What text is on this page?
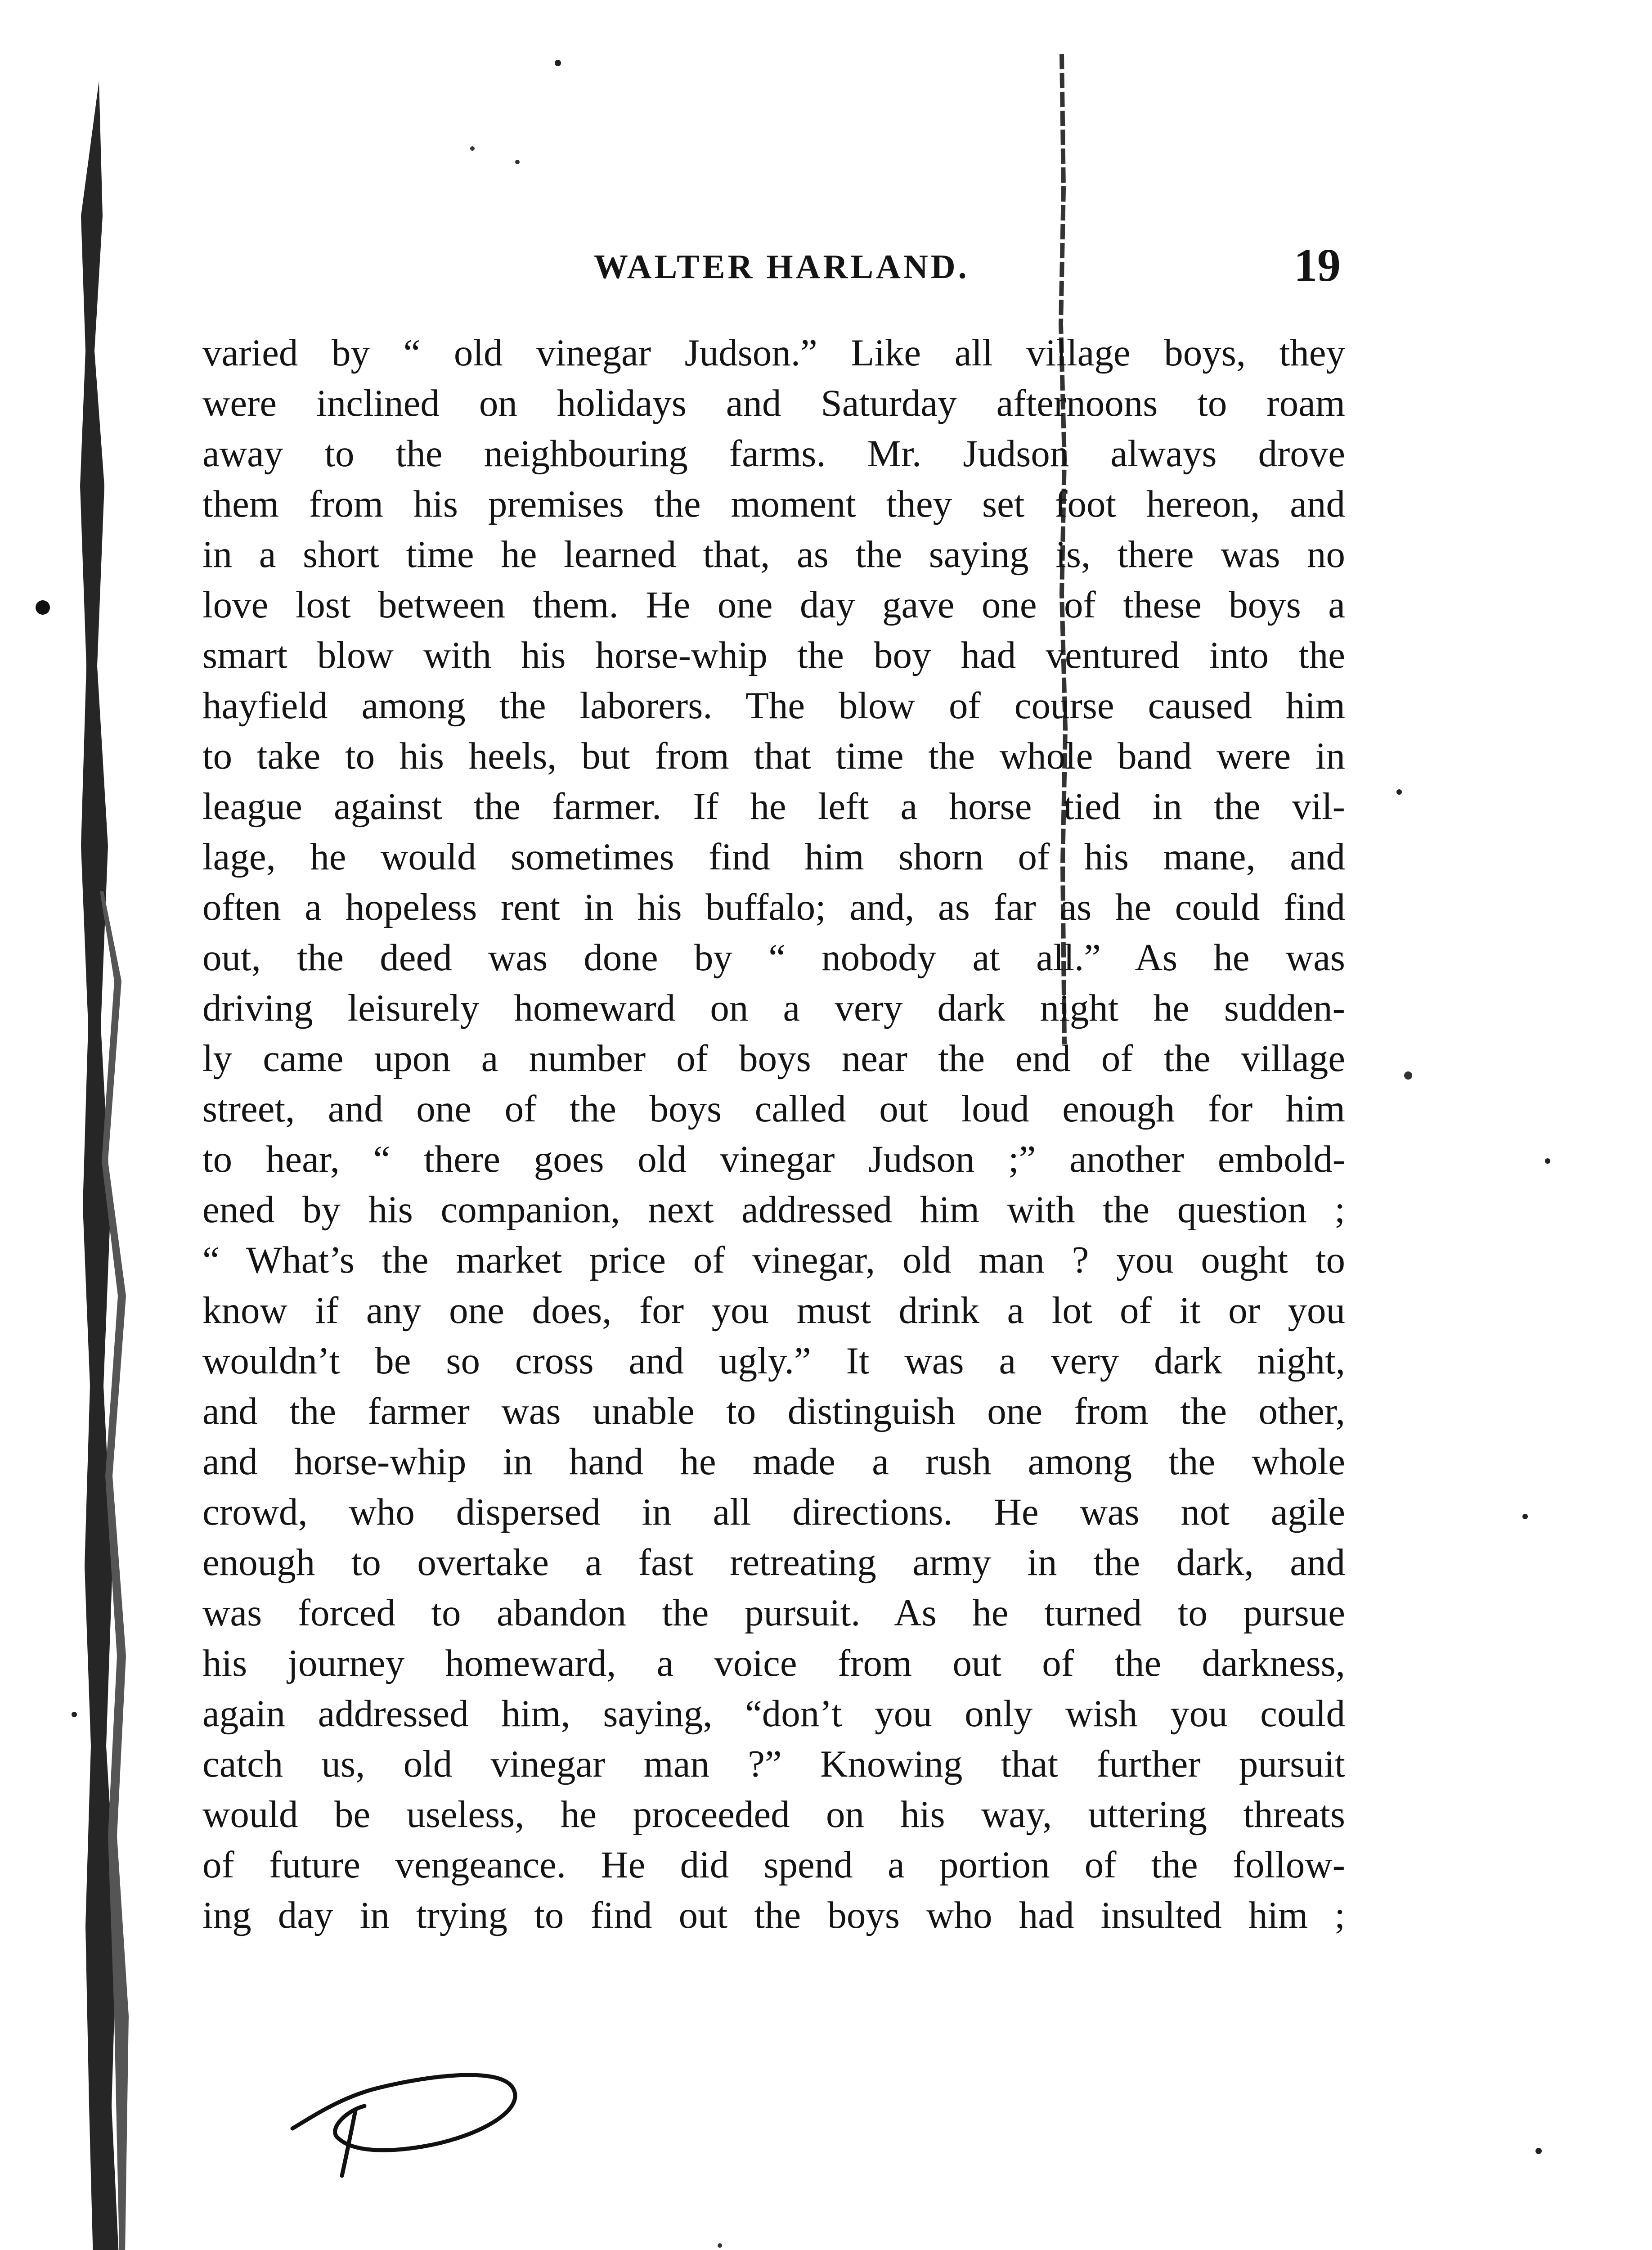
WALTER HARLAND.	19
varied by “ old vinegar Judson.” Like all village boys, they
were inclined on holidays and Saturday afternoons to roam
away to the neighbouring farms. Mr. Judson always drove
them from his premises the moment they set foot hereon, and
in a short time he learned that, as the saying is, there was no
love lost between them. He one day gave one of these boys a
smart blow with his horse-whip the boy had ventured into the
hayfield among the laborers. The blow of course caused him
to take to his heels, but from that time the whole band were in
league against the farmer. If he left a horse tied in the vil-
lage, he would sometimes find him shorn of his mane, and
often a hopeless rent in his buffalo; and, as far as he could find
out, the deed was done by “ nobody at all.” As he was
driving leisurely homeward on a very dark night he sudden-
ly came upon a number of boys near the end of the village
street, and one of the boys called out loud enough for him
to hear, “ there goes old vinegar Judson ;” another embold-
ened by his companion, next addressed him with the question ;
“ What’s the market price of vinegar, old man ? you ought to
know if any one does, for you must drink a lot of it or you
wouldn’t be so cross and ugly.” It was a very dark night,
and the farmer was unable to distinguish one from the other,
and horse-whip in hand he made a rush among the whole
crowd, who dispersed in all directions. He was not agile
enough to overtake a fast retreating army in the dark, and
was forced to abandon the pursuit. As he turned to pursue
his journey homeward, a voice from out of the darkness,
again addressed him, saying, “don’t you only wish you could
catch us, old vinegar man ?” Knowing that further pursuit
would be useless, he proceeded on his way, uttering threats
of future vengeance. He did spend a portion of the follow-
ing day in trying to find out the boys who had insulted him ;
